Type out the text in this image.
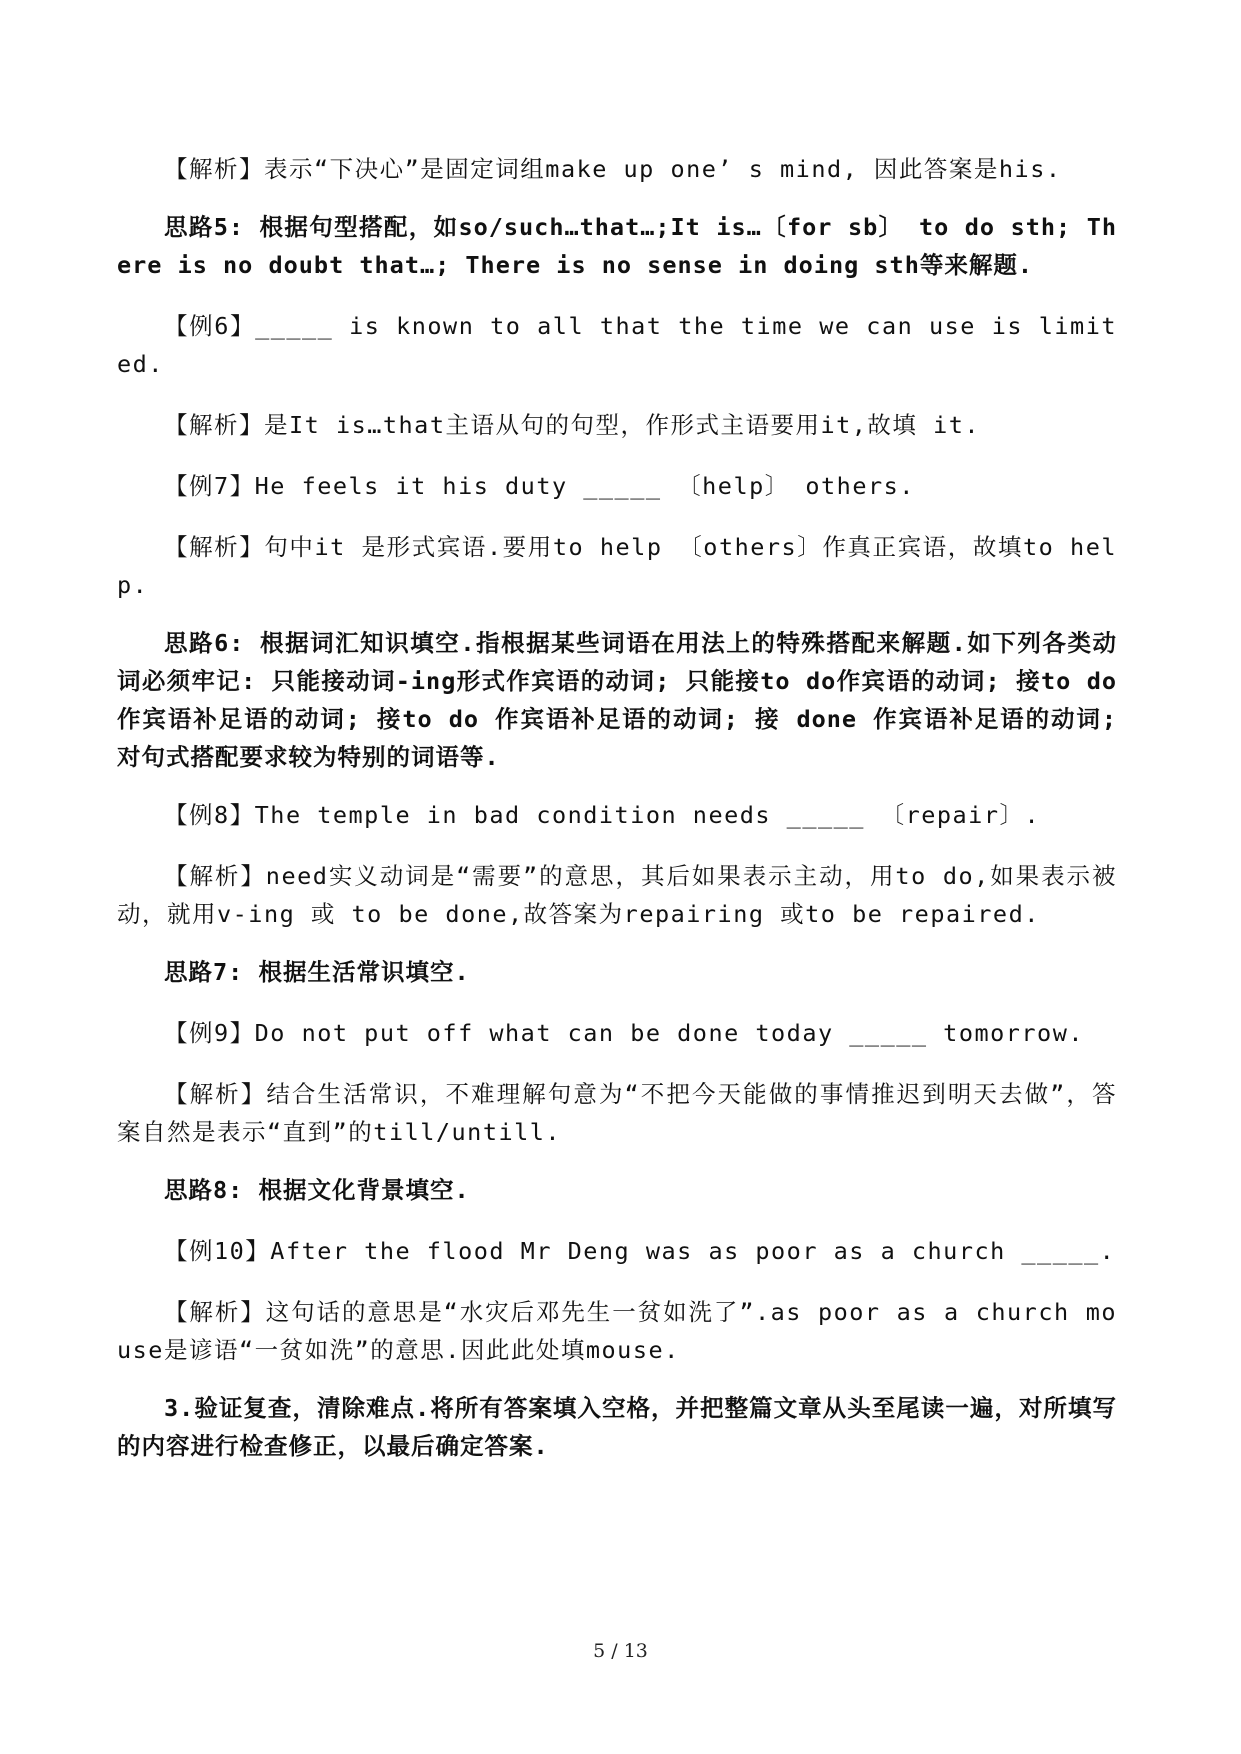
【解析】表示“下决心”是固定词组make up one’ s mind, 因此答案是his.

思路5: 根据句型搭配，如so/such…that…;It is…〔for sb〕 to do sth; There is no doubt that…; There is no sense in doing sth等来解题.

【例6】_____ is known to all that the time we can use is limited.

【解析】是It is…that主语从句的句型，作形式主语要用it,故填 it.

【例7】He feels it his duty _____ 〔help〕 others.

【解析】句中it 是形式宾语.要用to help 〔others〕作真正宾语，故填to help.

思路6: 根据词汇知识填空.指根据某些词语在用法上的特殊搭配来解题.如下列各类动词必须牢记: 只能接动词-ing形式作宾语的动词; 只能接to do作宾语的动词; 接to do 作宾语补足语的动词; 接to do 作宾语补足语的动词; 接 done 作宾语补足语的动词; 对句式搭配要求较为特别的词语等.

【例8】The temple in bad condition needs _____ 〔repair〕.

【解析】need实义动词是“需要”的意思，其后如果表示主动，用to do,如果表示被动，就用v-ing 或 to be done,故答案为repairing 或to be repaired.

思路7: 根据生活常识填空.

【例9】Do not put off what can be done today _____ tomorrow.

【解析】结合生活常识，不难理解句意为“不把今天能做的事情推迟到明天去做”，答案自然是表示“直到”的till/untill.

思路8: 根据文化背景填空.

【例10】After the flood Mr Deng was as poor as a church _____.

【解析】这句话的意思是“水灾后邓先生一贫如洗了”.as poor as a church mouse是谚语“一贫如洗”的意思.因此此处填mouse.

3.验证复查，清除难点.将所有答案填入空格，并把整篇文章从头至尾读一遍，对所填写的内容进行检查修正，以最后确定答案.

5 / 13
